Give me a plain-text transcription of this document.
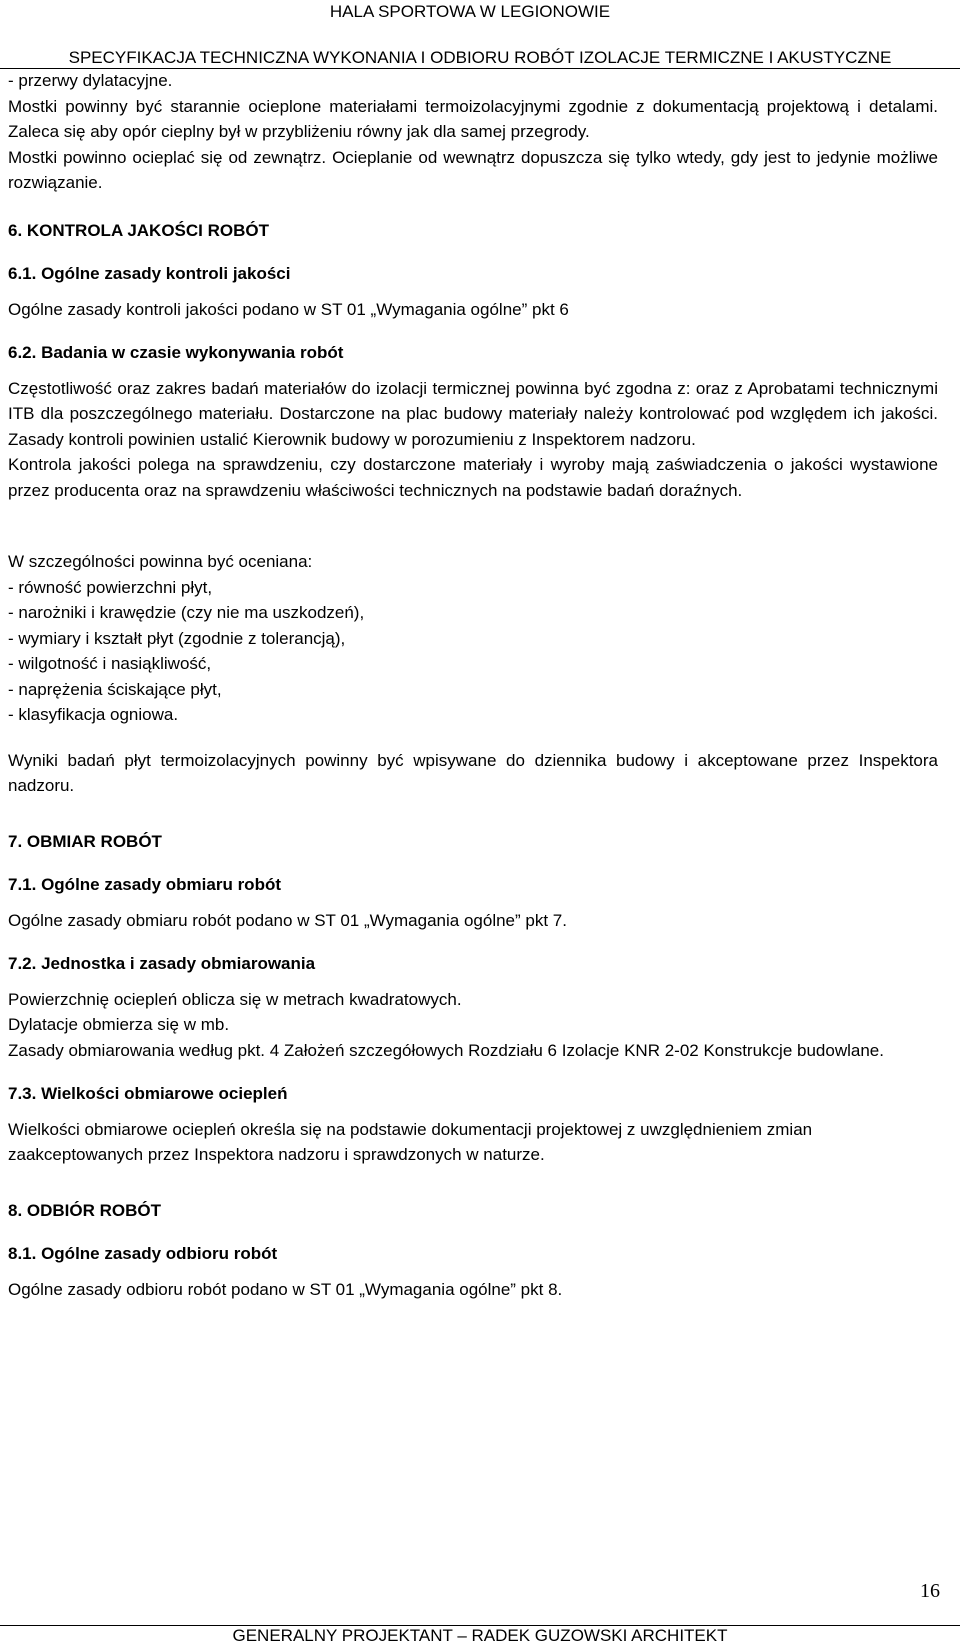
HALA SPORTOWA W LEGIONOWIE
SPECYFIKACJA TECHNICZNA WYKONANIA I ODBIORU ROBÓT IZOLACJE TERMICZNE I AKUSTYCZNE

- przerwy dylatacyjne.

Mostki powinny być starannie ocieplone materiałami termoizolacyjnymi zgodnie z dokumentacją projektową i detalami. Zaleca się aby opór cieplny był w przybliżeniu równy jak dla samej przegrody.

Mostki powinno ocieplać się od zewnątrz. Ocieplanie od wewnątrz dopuszcza się tylko wtedy, gdy jest to jedynie możliwe rozwiązanie.

6. KONTROLA JAKOŚCI ROBÓT

6.1. Ogólne zasady kontroli jakości

Ogólne zasady kontroli jakości podano w ST 01 „Wymagania ogólne” pkt 6

6.2. Badania w czasie wykonywania robót

Częstotliwość oraz zakres badań materiałów do izolacji termicznej powinna być zgodna z: oraz z Aprobatami technicznymi ITB dla poszczególnego materiału. Dostarczone na plac budowy materiały należy kontrolować pod względem ich jakości. Zasady kontroli powinien ustalić Kierownik budowy w porozumieniu z Inspektorem nadzoru.

Kontrola jakości polega na sprawdzeniu, czy dostarczone materiały i wyroby mają zaświadczenia o jakości wystawione przez producenta oraz na sprawdzeniu właściwości technicznych na podstawie badań doraźnych.

W szczególności powinna być oceniana:

- równość powierzchni płyt,

- narożniki i krawędzie (czy nie ma uszkodzeń),

- wymiary i kształt płyt (zgodnie z tolerancją),

- wilgotność i nasiąkliwość,

- naprężenia ściskające płyt,

- klasyfikacja ogniowa.

Wyniki badań płyt termoizolacyjnych powinny być wpisywane do dziennika budowy i akceptowane przez Inspektora nadzoru.

7. OBMIAR ROBÓT

7.1. Ogólne zasady obmiaru robót

Ogólne zasady obmiaru robót podano w ST 01 „Wymagania ogólne” pkt 7.

7.2. Jednostka i zasady obmiarowania

Powierzchnię ociepleń oblicza się w metrach kwadratowych.

Dylatacje obmierza się w mb.

Zasady obmiarowania według pkt. 4 Założeń szczegółowych Rozdziału 6 Izolacje KNR 2-02 Konstrukcje budowlane.

7.3. Wielkości obmiarowe ociepleń

Wielkości obmiarowe ociepleń określa się na podstawie dokumentacji projektowej z uwzględnieniem zmian zaakceptowanych przez Inspektora nadzoru i sprawdzonych w naturze.

8. ODBIÓR ROBÓT

8.1. Ogólne zasady odbioru robót

Ogólne zasady odbioru robót podano w ST 01 „Wymagania ogólne” pkt 8.

16
GENERALNY PROJEKTANT – RADEK GUZOWSKI ARCHITEKT
